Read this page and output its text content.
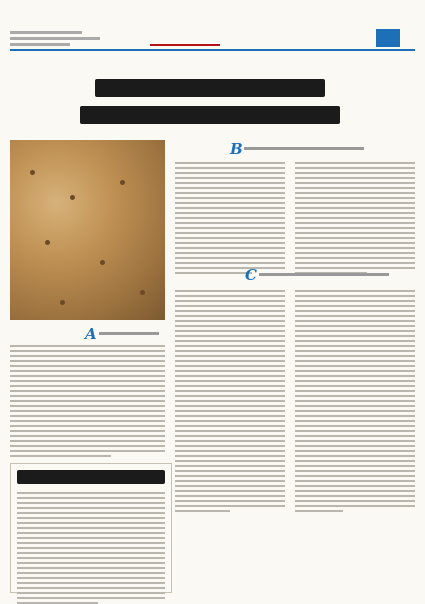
B
C
A
